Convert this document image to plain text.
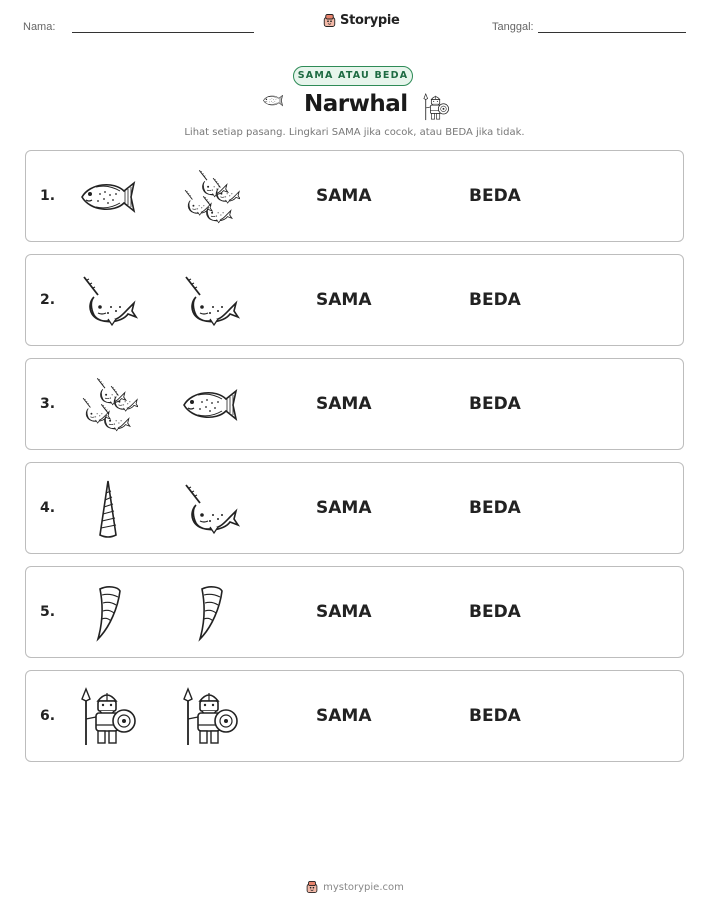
Nama:	Storypie	Tanggal:
SAMA ATAU BEDA
Narwhal
Lihat setiap pasang. Lingkari SAMA jika cocok, atau BEDA jika tidak.
1.	SAMA	BEDA
2.	SAMA	BEDA
3.	SAMA	BEDA
4.	SAMA	BEDA
5.	SAMA	BEDA
6.	SAMA	BEDA
mystorypie.com
